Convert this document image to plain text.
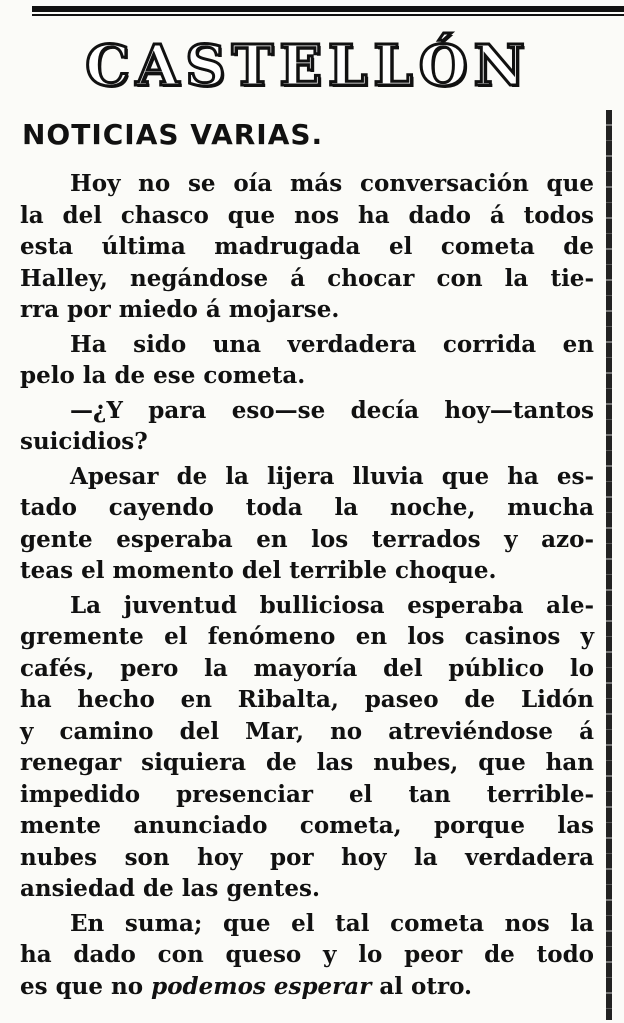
CASTELLÓN
NOTICIAS VARIAS.
Hoy no se oía más conversación que
la del chasco que nos ha dado á todos
esta última madrugada el cometa de
Halley, negándose á chocar con la tie-
rra por miedo á mojarse.
Ha sido una verdadera corrida en
pelo la de ese cometa.
—¿Y para eso—se decía hoy—tantos
suicidios?
Apesar de la lijera lluvia que ha es-
tado cayendo toda la noche, mucha
gente esperaba en los terrados y azo-
teas el momento del terrible choque.
La juventud bulliciosa esperaba ale-
gremente el fenómeno en los casinos y
cafés, pero la mayoría del público lo
ha hecho en Ribalta, paseo de Lidón
y camino del Mar, no atreviéndose á
renegar siquiera de las nubes, que han
impedido presenciar el tan terrible-
mente anunciado cometa, porque las
nubes son hoy por hoy la verdadera
ansiedad de las gentes.
En suma; que el tal cometa nos la
ha dado con queso y lo peor de todo
es que no podemos esperar al otro.
